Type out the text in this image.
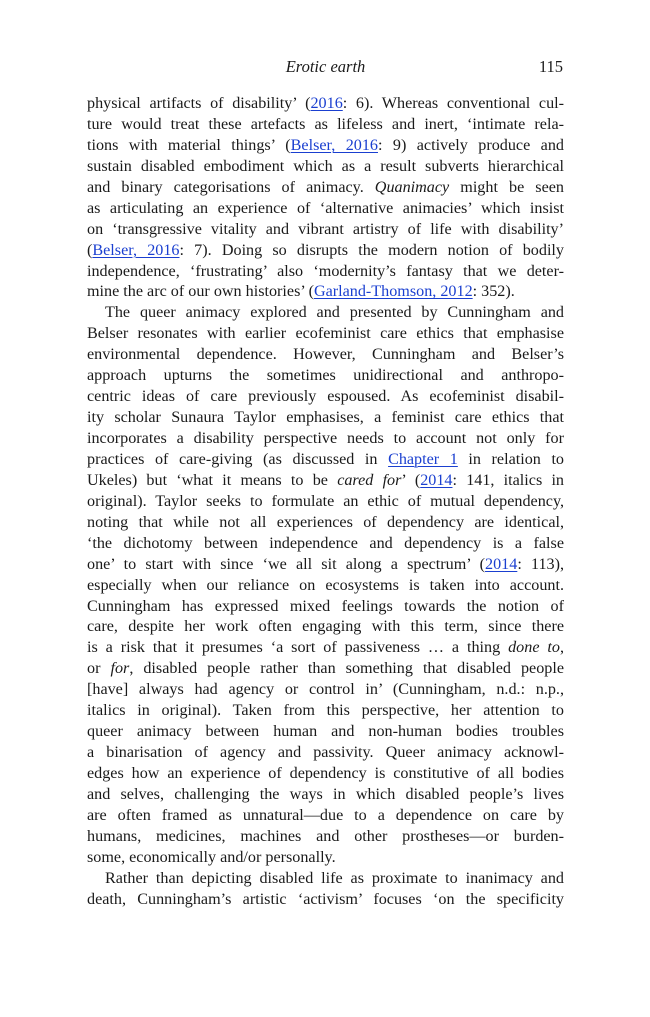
Erotic earth	115
physical artifacts of disability’ (2016: 6). Whereas conventional cul-
ture would treat these artefacts as lifeless and inert, ‘intimate rela-
tions with material things’ (Belser, 2016: 9) actively produce and
sustain disabled embodiment which as a result subverts hierarchical
and binary categorisations of animacy. Quanimacy might be seen
as articulating an experience of ‘alternative animacies’ which insist
on ‘transgressive vitality and vibrant artistry of life with disability’
(Belser, 2016: 7). Doing so disrupts the modern notion of bodily
independence, ‘frustrating’ also ‘modernity’s fantasy that we deter-
mine the arc of our own histories’ (Garland-Thomson, 2012: 352).
The queer animacy explored and presented by Cunningham and
Belser resonates with earlier ecofeminist care ethics that emphasise
environmental dependence. However, Cunningham and Belser’s
approach upturns the sometimes unidirectional and anthropo-
centric ideas of care previously espoused. As ecofeminist disabil-
ity scholar Sunaura Taylor emphasises, a feminist care ethics that
incorporates a disability perspective needs to account not only for
practices of care-giving (as discussed in Chapter 1 in relation to
Ukeles) but ‘what it means to be cared for’ (2014: 141, italics in
original). Taylor seeks to formulate an ethic of mutual dependency,
noting that while not all experiences of dependency are identical,
‘the dichotomy between independence and dependency is a false
one’ to start with since ‘we all sit along a spectrum’ (2014: 113),
especially when our reliance on ecosystems is taken into account.
Cunningham has expressed mixed feelings towards the notion of
care, despite her work often engaging with this term, since there
is a risk that it presumes ‘a sort of passiveness … a thing done to,
or for, disabled people rather than something that disabled people
[have] always had agency or control in’ (Cunningham, n.d.: n.p.,
italics in original). Taken from this perspective, her attention to
queer animacy between human and non-human bodies troubles
a binarisation of agency and passivity. Queer animacy acknowl-
edges how an experience of dependency is constitutive of all bodies
and selves, challenging the ways in which disabled people’s lives
are often framed as unnatural—due to a dependence on care by
humans, medicines, machines and other prostheses—or burden-
some, economically and/or personally.
Rather than depicting disabled life as proximate to inanimacy and
death, Cunningham’s artistic ‘activism’ focuses ‘on the specificity
